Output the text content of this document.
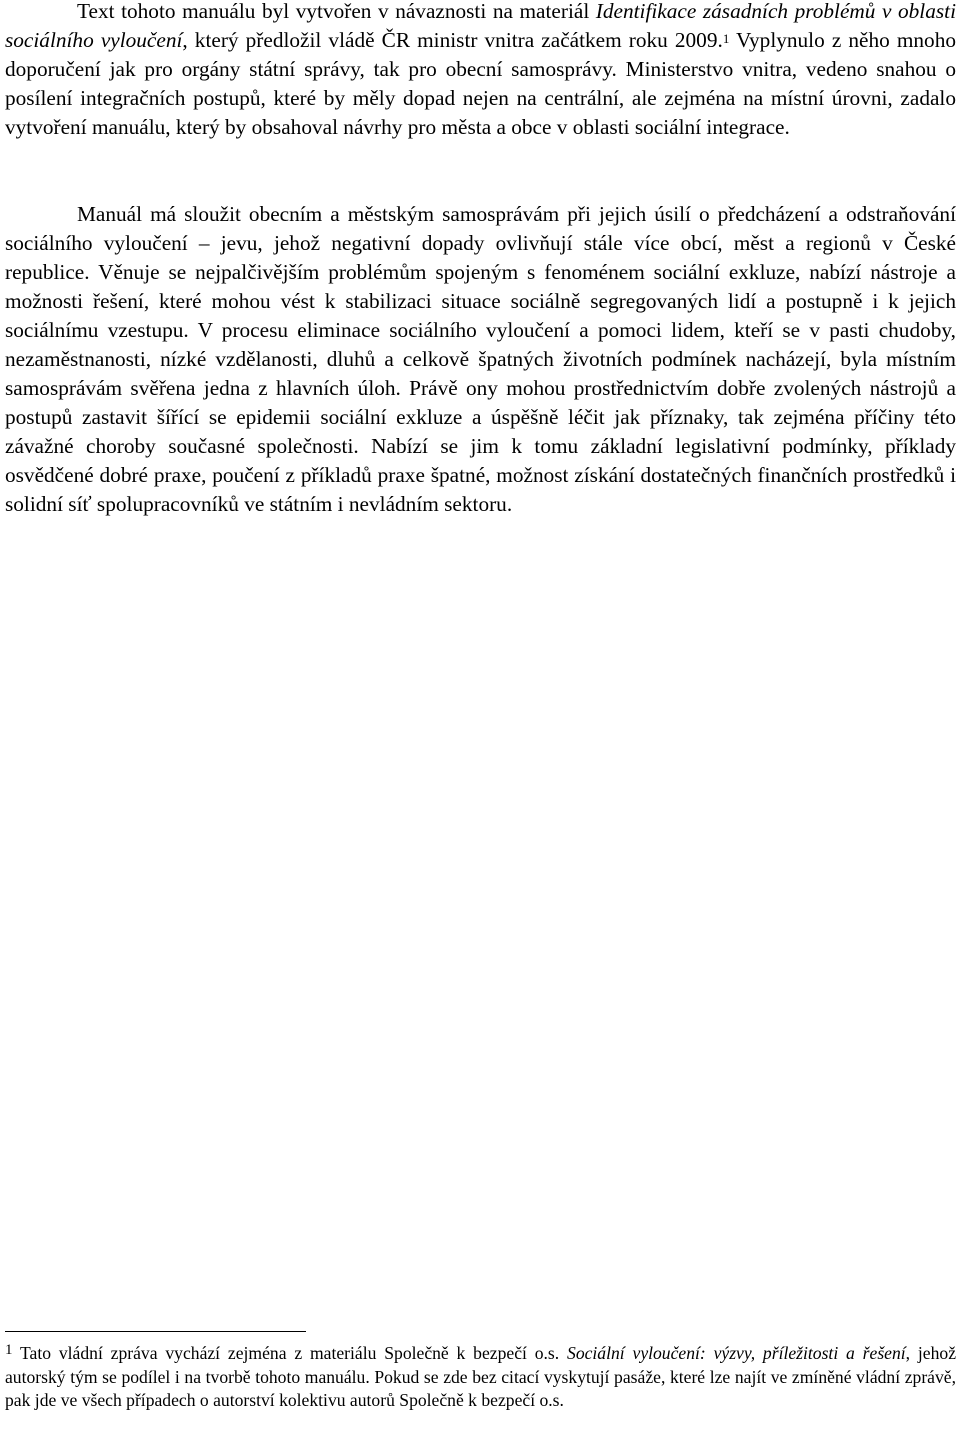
Text tohoto manuálu byl vytvořen v návaznosti na materiál Identifikace zásadních problémů v oblasti sociálního vyloučení, který předložil vládě ČR ministr vnitra začátkem roku 2009.$^1$ Vyplynulo z něho mnoho doporučení jak pro orgány státní správy, tak pro obecní samosprávy. Ministerstvo vnitra, vedeno snahou o posílení integračních postupů, které by měly dopad nejen na centrální, ale zejména na místní úrovni, zadalo vytvoření manuálu, který by obsahoval návrhy pro města a obce v oblasti sociální integrace.

Manuál má sloužit obecním a městským samosprávám při jejich úsilí o předcházení a odstraňování sociálního vyloučení – jevu, jehož negativní dopady ovlivňují stále více obcí, měst a regionů v České republice. Věnuje se nejpalčivějším problémům spojeným s fenoménem sociální exkluze, nabízí nástroje a možnosti řešení, které mohou vést k stabilizaci situace sociálně segregovaných lidí a postupně i k jejich sociálnímu vzestupu. V procesu eliminace sociálního vyloučení a pomoci lidem, kteří se v pasti chudoby, nezaměstnanosti, nízké vzdělanosti, dluhů a celkově špatných životních podmínek nacházejí, byla místním samosprávám svěřena jedna z hlavních úloh. Právě ony mohou prostřednictvím dobře zvolených nástrojů a postupů zastavit šířící se epidemii sociální exkluze a úspěšně léčit jak příznaky, tak zejména příčiny této závažné choroby současné společnosti. Nabízí se jim k tomu základní legislativní podmínky, příklady osvědčené dobré praxe, poučení z příkladů praxe špatné, možnost získání dostatečných finančních prostředků i solidní síť spolupracovníků ve státním i nevládním sektoru.

1 Tato vládní zpráva vychází zejména z materiálu Společně k bezpečí o.s. Sociální vyloučení: výzvy, příležitosti a řešení, jehož autorský tým se podílel i na tvorbě tohoto manuálu. Pokud se zde bez citací vyskytují pasáže, které lze najít ve zmíněné vládní zprávě, pak jde ve všech případech o autorství kolektivu autorů Společně k bezpečí o.s.
